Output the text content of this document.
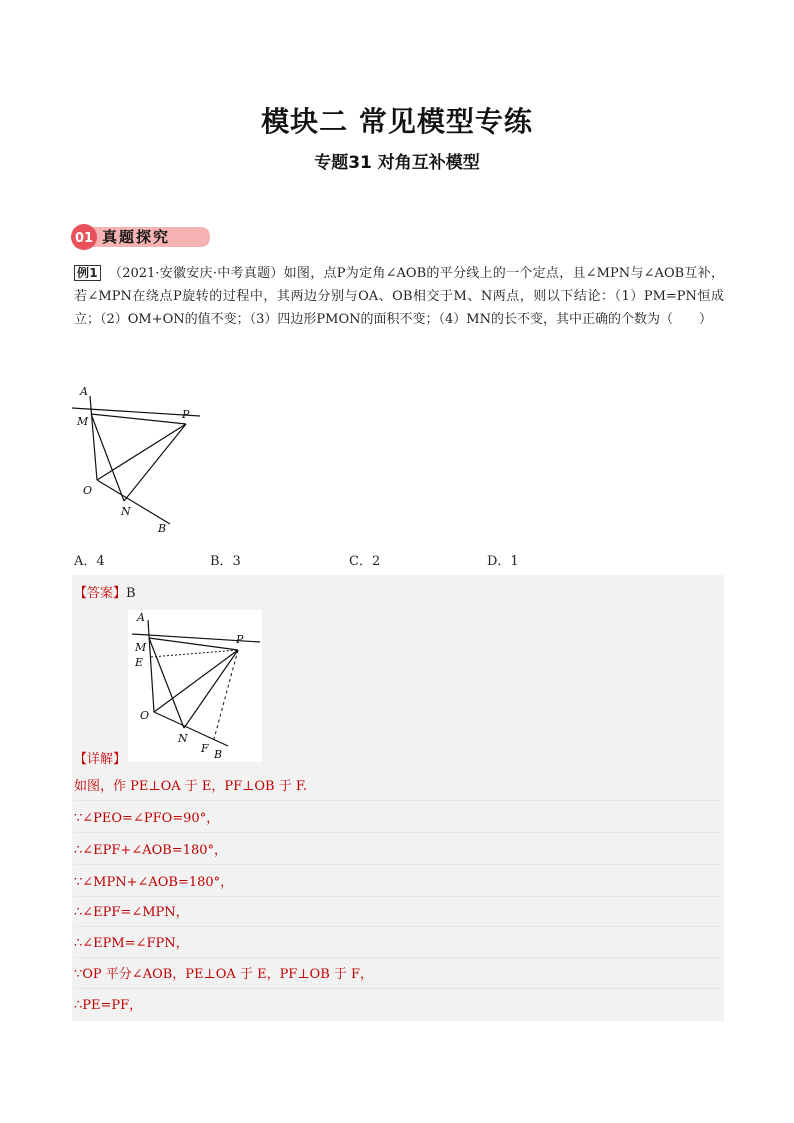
模块二 常见模型专练
专题31 对角互补模型
01 真题探究
例1 （2021·安徽安庆·中考真题）如图，点P为定角∠AOB的平分线上的一个定点，且∠MPN与∠AOB互补，若∠MPN在绕点P旋转的过程中，其两边分别与OA、OB相交于M、N两点，则以下结论：（1）PM=PN恒成立；（2）OM+ON的值不变；（3）四边形PMON的面积不变；（4）MN的长不变，其中正确的个数为（　　）
A
M
P
O
N
B
A．4	B．3	C．2	D．1
【答案】B
A
M
E
P
O
N
F B
【详解】
如图，作 PE⊥OA 于 E，PF⊥OB 于 F.
∵∠PEO=∠PFO=90°，
∴∠EPF+∠AOB=180°，
∵∠MPN+∠AOB=180°，
∴∠EPF=∠MPN，
∴∠EPM=∠FPN，
∵OP 平分∠AOB，PE⊥OA 于 E，PF⊥OB 于 F，
∴PE=PF，
